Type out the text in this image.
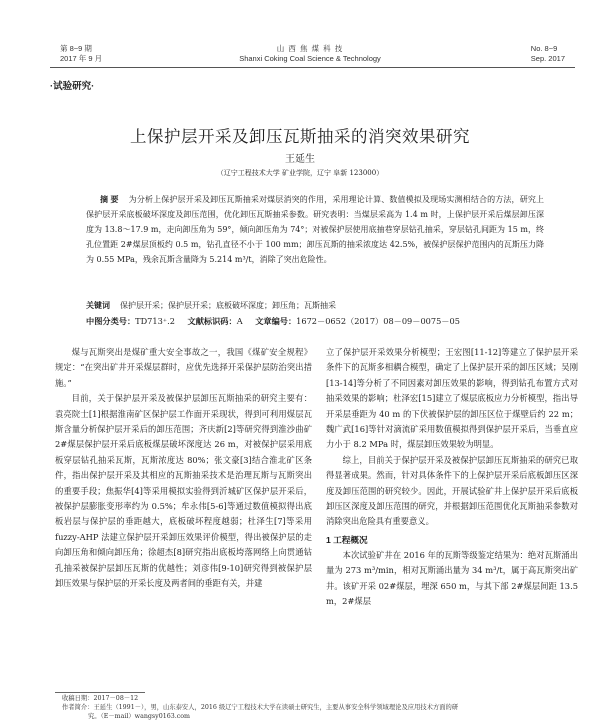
第 8~9 期
2017 年 9 月
山 西 焦 煤 科 技
Shanxi Coking Coal Science & Technology
No. 8~9
Sep. 2017
·试验研究·
上保护层开采及卸压瓦斯抽采的消突效果研究
王延生
（辽宁工程技术大学 矿业学院，辽宁 阜新 123000）
摘 要 为分析上保护层开采及卸压瓦斯抽采对煤层消突的作用，采用理论计算、数值模拟及现场实测相结合的方法，研究上保护层开采底板破坏深度及卸压范围，优化卸压瓦斯抽采参数。研究表明：当煤层采高为 1.4 m 时，上保护层开采后煤层卸压深度为 13.8～17.9 m，走向卸压角为 59°，倾向卸压角为 74°；对被保护层使用底抽巷穿层钻孔抽采，穿层钻孔间距为 15 m，终孔位置距 2#煤层顶板约 0.5 m，钻孔直径不小于 100 mm；卸压瓦斯的抽采浓度达 42.5%，被保护层保护范围内的瓦斯压力降为 0.55 MPa，残余瓦斯含量降为 5.214 m³/t，消除了突出危险性。
关键词 保护层开采；保护层开采；底板破坏深度；卸压角；瓦斯抽采
中图分类号：TD713⁺.2 文献标识码：A 文章编号：1672－0652（2017）08－09－0075－05

煤与瓦斯突出是煤矿重大安全事故之一，我国《煤矿安全规程》规定：“在突出矿井开采煤层群时，应优先选择开采保护层防治突出措施。”

目前，关于保护层开采及被保护层卸压瓦斯抽采的研究主要有：袁亮院士[1]根据淮南矿区保护层工作面开采现状，得到可利用煤层瓦斯含量分析保护层开采后的卸压范围；齐庆新[2]等研究得到淮沙曲矿 2#煤层保护层开采后底板煤层破坏深度达 26 m，对被保护层采用底板穿层钻孔抽采瓦斯，瓦斯浓度达 80%；张文豪[3]结合淮北矿区条件，指出保护层开采及其相应的瓦斯抽采技术是治理瓦斯与瓦斯突出的重要手段；焦振华[4]等采用模拟实验得到沂城矿区保护层开采后，被保护层膨胀变形率约为 0.5%；牟永伟[5-6]等通过数值模拟得出底板岩层与保护层的垂距越大，底板破坏程度越弱；杜泽生[7]等采用 fuzzy-AHP 法建立保护层开采卸压效果评价模型，得出被保护层的走向卸压角和倾向卸压角；徐超杰[8]研究指出底板垮落网络上向贯通钻孔抽采被保护层卸压瓦斯的优越性；刘彦伟[9-10]研究得到被保护层卸压效果与保护层的开采长度及两者间的垂距有关，并建

立了保护层开采效果分析模型；王宏图[11-12]等建立了保护层开采条件下的瓦斯多相耦合模型，确定了上保护层开采的卸压区域；吴刚[13-14]等分析了不同因素对卸压效果的影响，得到钻孔布置方式对抽采效果的影响；杜泽宏[15]建立了煤层底板应力分析模型，指出导开采层垂距为 40 m 的下伏被保护层的卸压区位于煤壁后约 22 m；魏广武[16]等针对滴流矿采用数值模拟得到保护层开采后，当垂直应力小于 8.2 MPa 时，煤层卸压效果较为明显。

综上，目前关于保护层开采及被保护层卸压瓦斯抽采的研究已取得显著成果。然而，针对具体条件下的上保护层开采后底板卸压区深度及卸压范围的研究较少。因此，开展试验矿井上保护层开采后底板卸压区深度及卸压范围的研究，并根据卸压范围优化瓦斯抽采参数对消除突出危险具有重要意义。

1 工程概况

本次试验矿井在 2016 年的瓦斯等级鉴定结果为：绝对瓦斯涌出量为 273 m³/min，相对瓦斯涌出量为 34 m³/t，属于高瓦斯突出矿井。该矿开采 02#煤层，埋深 650 m，与其下部 2#煤层间距 13.5 m，2#煤层

收稿日期：2017－08－12
作者简介：王延生（1991－），男，山东泰安人，2016 级辽宁工程技术大学在读硕士研究生，主要从事安全科学领域理论及应用技术方面的研
究。（E－mail）wangsy0163.com
